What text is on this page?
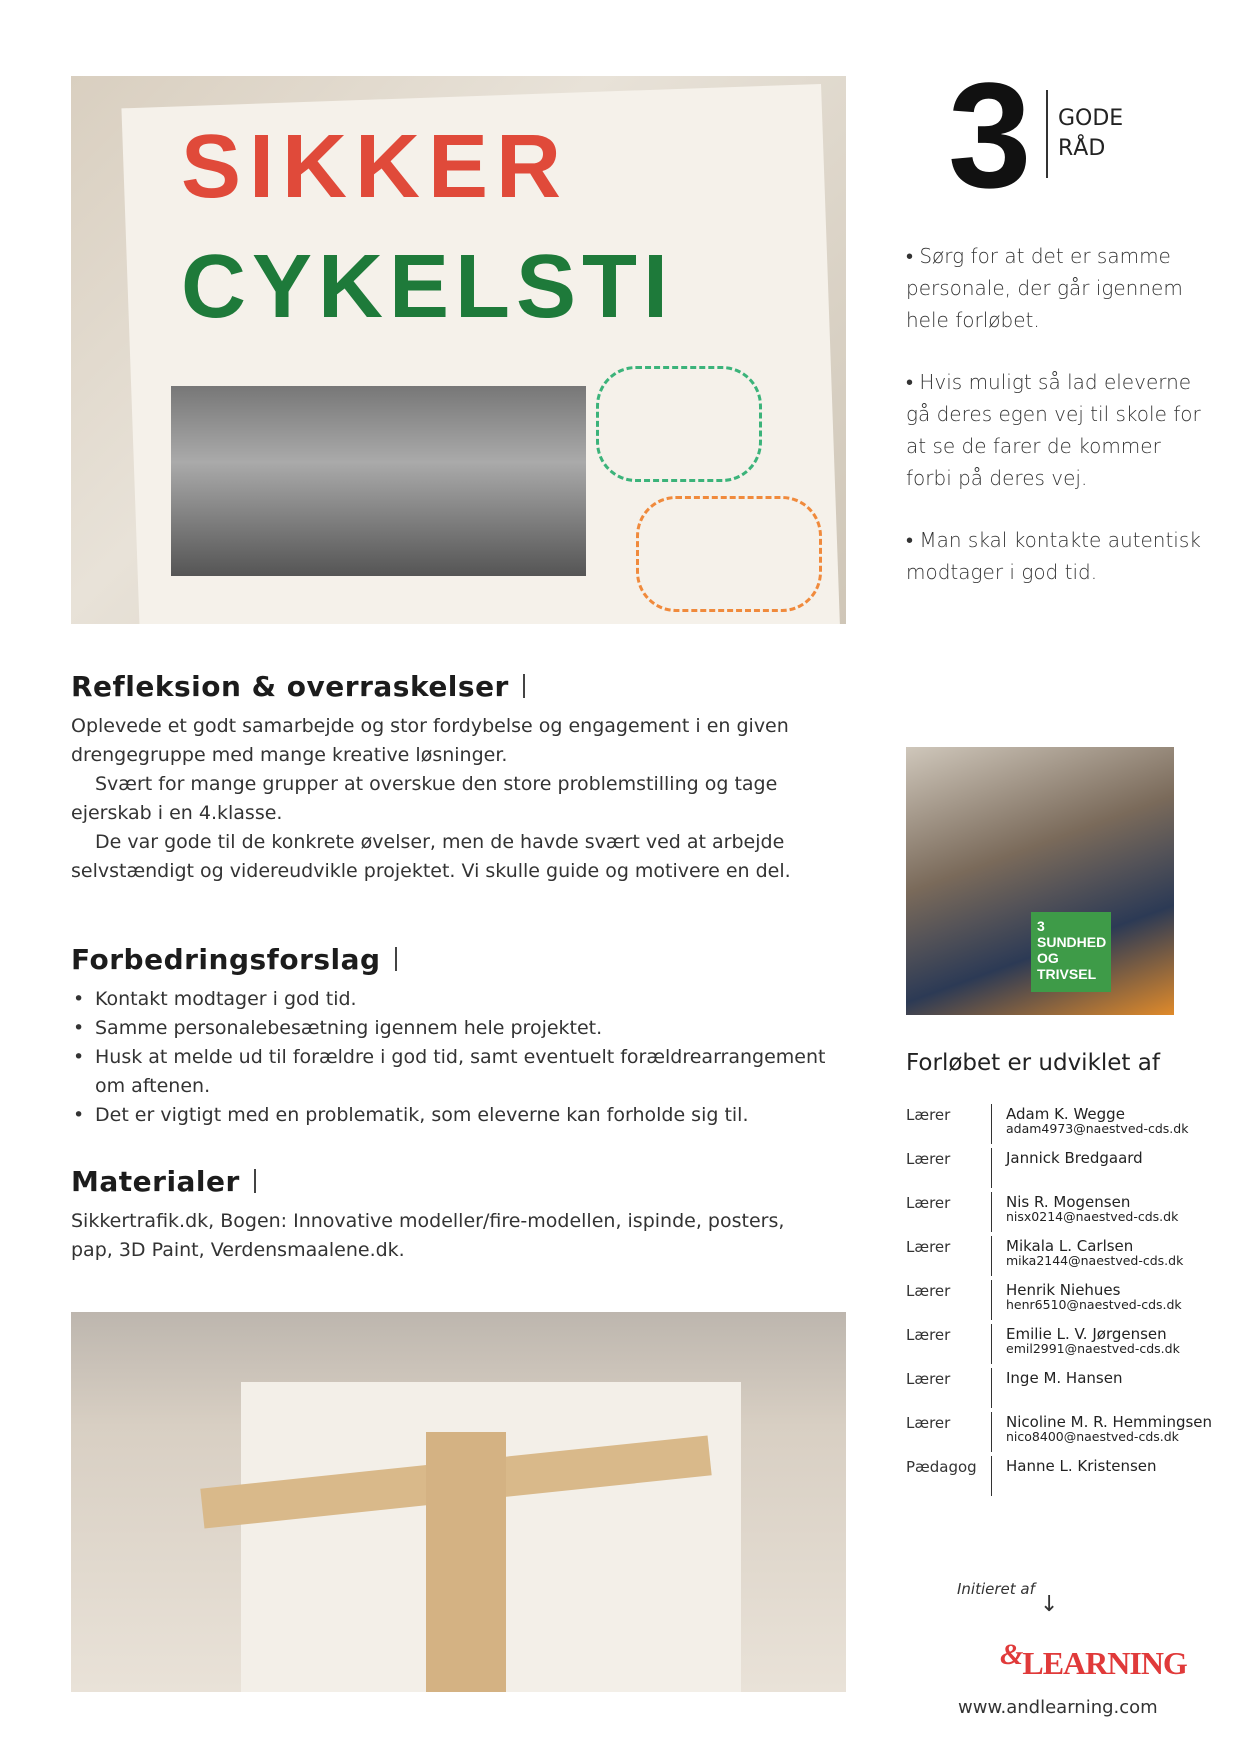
SIKKER
CYKELSTI
3 GODE
RÅD

• Sørg for at det er samme personale, der går igennem hele forløbet.

• Hvis muligt så lad eleverne gå deres egen vej til skole for at se de farer de kommer forbi på deres vej.

• Man skal kontakte autentisk modtager i god tid.

Refleksion & overraskelser

Oplevede et godt samarbejde og stor fordybelse og engagement i en given drengegruppe med mange kreative løsninger.

Svært for mange grupper at overskue den store problemstilling og tage ejerskab i en 4.klasse.

De var gode til de konkrete øvelser, men de havde svært ved at arbejde selvstændigt og videreudvikle projektet. Vi skulle guide og motivere en del.

Forbedringsforslag
• Kontakt modtager i god tid.
• Samme personalebesætning igennem hele projektet.
• Husk at melde ud til forældre i god tid, samt eventuelt forældrearrangement om aftenen.
• Det er vigtigt med en problematik, som eleverne kan forholde sig til.
Materialer

Sikkertrafik.dk, Bogen: Innovative modeller/fire-modellen, ispinde, posters, pap, 3D Paint, Verdensmaalene.dk.

3 SUNDHED OG TRIVSEL
Forløbet er udviklet af
Lærer	Adam K. Wegge
adam4973@naestved-cds.dk
Lærer	Jannick Bredgaard
Lærer	Nis R. Mogensen
nisx0214@naestved-cds.dk
Lærer	Mikala L. Carlsen
mika2144@naestved-cds.dk
Lærer	Henrik Niehues
henr6510@naestved-cds.dk
Lærer	Emilie L. V. Jørgensen
emil2991@naestved-cds.dk
Lærer	Inge M. Hansen
Lærer	Nicoline M. R. Hemmingsen
nico8400@naestved-cds.dk
Pædagog	Hanne L. Kristensen
Initieret af
↓
&LEARNING
www.andlearning.com
